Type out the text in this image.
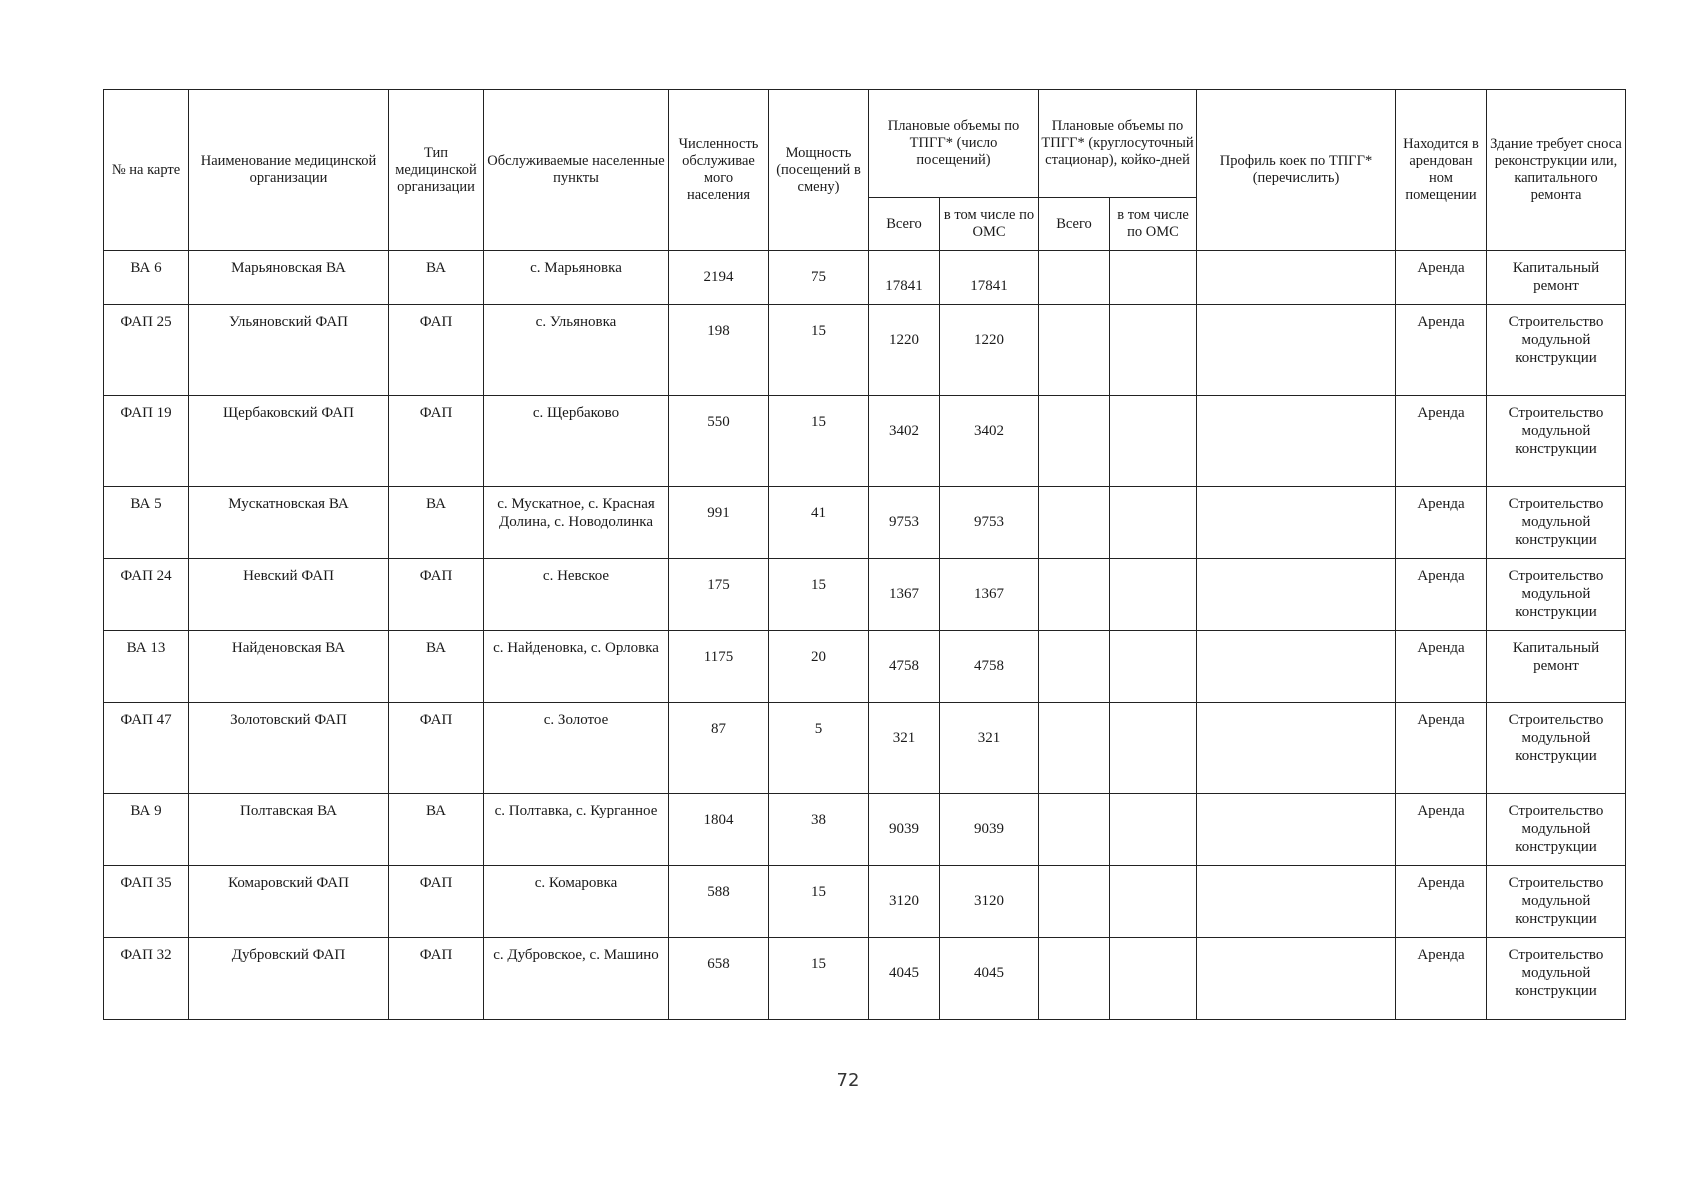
№ на карте	Наименование медицинской организации	Тип медицинской организации	Обслуживаемые населенные пункты	Численность обслуживае мого населения	Мощность (посещений в смену)	Плановые объемы по ТПГГ* (число посещений)		Плановые объемы по ТПГГ* (круглосуточный стационар), койко-дней		Профиль коек по ТПГГ* (перечислить)	Находится в арендован ном помещении	Здание требует сноса реконструкции или, капитального ремонта
						Всего	в том числе по ОМС	Всего	в том числе по ОМС			
ВА 6	Марьяновская ВА	ВА	с. Марьяновка	2194	75	17841	17841				Аренда	Капитальный ремонт
ФАП 25	Ульяновский ФАП	ФАП	с. Ульяновка	198	15	1220	1220				Аренда	Строительство модульной конструкции
ФАП 19	Щербаковский ФАП	ФАП	с. Щербаково	550	15	3402	3402				Аренда	Строительство модульной конструкции
ВА 5	Мускатновская ВА	ВА	с. Мускатное, с. Красная Долина, с. Новодолинка	991	41	9753	9753				Аренда	Строительство модульной конструкции
ФАП 24	Невский ФАП	ФАП	с. Невское	175	15	1367	1367				Аренда	Строительство модульной конструкции
ВА 13	Найденовская ВА	ВА	с. Найденовка, с. Орловка	1175	20	4758	4758				Аренда	Капитальный ремонт
ФАП 47	Золотовский ФАП	ФАП	с. Золотое	87	5	321	321				Аренда	Строительство модульной конструкции
ВА 9	Полтавская ВА	ВА	с. Полтавка, с. Курганное	1804	38	9039	9039				Аренда	Строительство модульной конструкции
ФАП 35	Комаровский ФАП	ФАП	с. Комаровка	588	15	3120	3120				Аренда	Строительство модульной конструкции
ФАП 32	Дубровский ФАП	ФАП	с. Дубровское, с. Машино	658	15	4045	4045				Аренда	Строительство модульной конструкции
72
